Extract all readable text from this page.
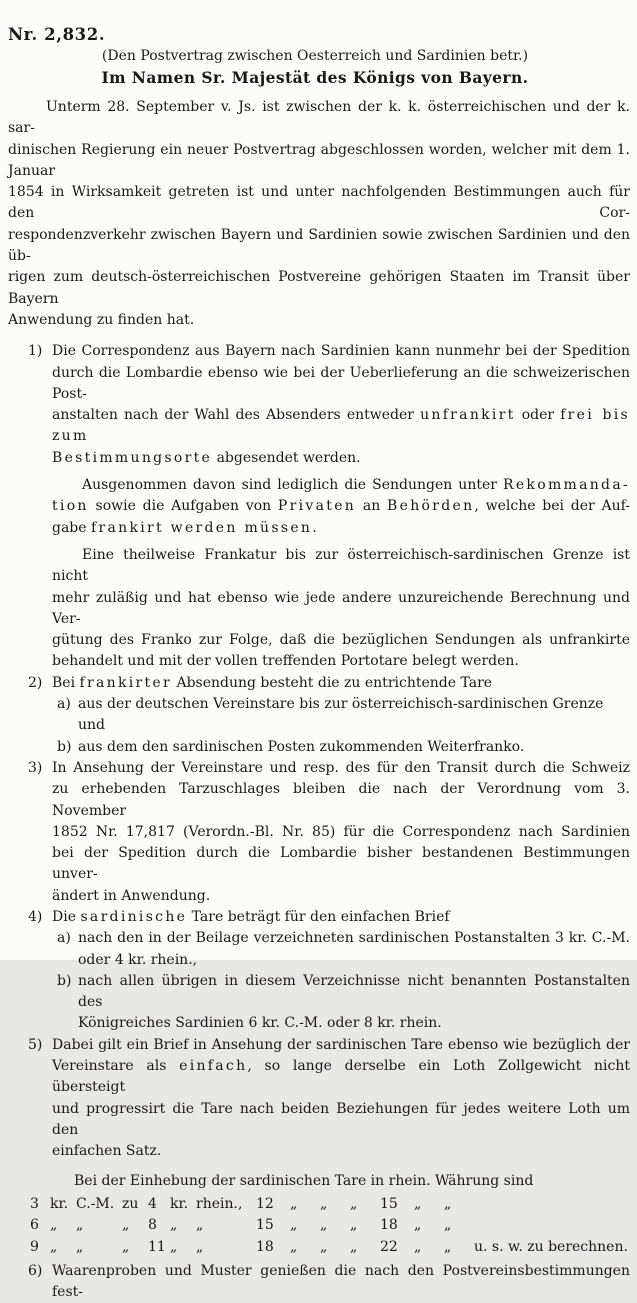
Nr. 2,832.
(Den Postvertrag zwischen Oesterreich und Sardinien betr.)
Im Namen Sr. Majestät des Königs von Bayern.
Unterm 28. September v. Js. ist zwischen der k. k. österreichischen und der k. sar-
dinischen Regierung ein neuer Postvertrag abgeschlossen worden, welcher mit dem 1. Januar
1854 in Wirksamkeit getreten ist und unter nachfolgenden Bestimmungen auch für den Cor-
respondenzverkehr zwischen Bayern und Sardinien sowie zwischen Sardinien und den üb-
rigen zum deutsch-österreichischen Postvereine gehörigen Staaten im Transit über Bayern
Anwendung zu finden hat.
1) Die Correspondenz aus Bayern nach Sardinien kann nunmehr bei der Spedition
durch die Lombardie ebenso wie bei der Ueberlieferung an die schweizerischen Post-
anstalten nach der Wahl des Absenders entweder unfrankirt oder frei bis zum
Bestimmungsorte abgesendet werden.
Ausgenommen davon sind lediglich die Sendungen unter Rekommanda-
tion sowie die Aufgaben von Privaten an Behörden, welche bei der Auf-
gabe frankirt werden müssen.
Eine theilweise Frankatur bis zur österreichisch-sardinischen Grenze ist nicht
mehr zuläßig und hat ebenso wie jede andere unzureichende Berechnung und Ver-
gütung des Franko zur Folge, daß die bezüglichen Sendungen als unfrankirte
behandelt und mit der vollen treffenden Portotare belegt werden.
2) Bei frankirter Absendung besteht die zu entrichtende Tare
a) aus der deutschen Vereinstare bis zur österreichisch-sardinischen Grenze und
b) aus dem den sardinischen Posten zukommenden Weiterfranko.
3) In Ansehung der Vereinstare und resp. des für den Transit durch die Schweiz
zu erhebenden Tarzuschlages bleiben die nach der Verordnung vom 3. November
1852 Nr. 17,817 (Verordn.-Bl. Nr. 85) für die Correspondenz nach Sardinien
bei der Spedition durch die Lombardie bisher bestandenen Bestimmungen unver-
ändert in Anwendung.
4) Die sardinische Tare beträgt für den einfachen Brief
a) nach den in der Beilage verzeichneten sardinischen Postanstalten 3 kr. C.-M.
oder 4 kr. rhein.,
b) nach allen übrigen in diesem Verzeichnisse nicht benannten Postanstalten des
Königreiches Sardinien 6 kr. C.-M. oder 8 kr. rhein.
5) Dabei gilt ein Brief in Ansehung der sardinischen Tare ebenso wie bezüglich der
Vereinstare als einfach, so lange derselbe ein Loth Zollgewicht nicht übersteigt
und progressirt die Tare nach beiden Beziehungen für jedes weitere Loth um den
einfachen Satz.
Bei der Einhebung der sardinischen Tare in rhein. Währung sind
3 kr. C.-M. zu 4 kr. rhein., 12	„	„	„	15	„	„
6 „	„	„	8 „	„	15	„	„	„	18	„	„
9 „	„	„	11 „	„	18	„	„	„	22	„	„	u. s. w. zu berechnen.
6) Waarenproben und Muster genießen die nach den Postvereinsbestimmungen fest-
